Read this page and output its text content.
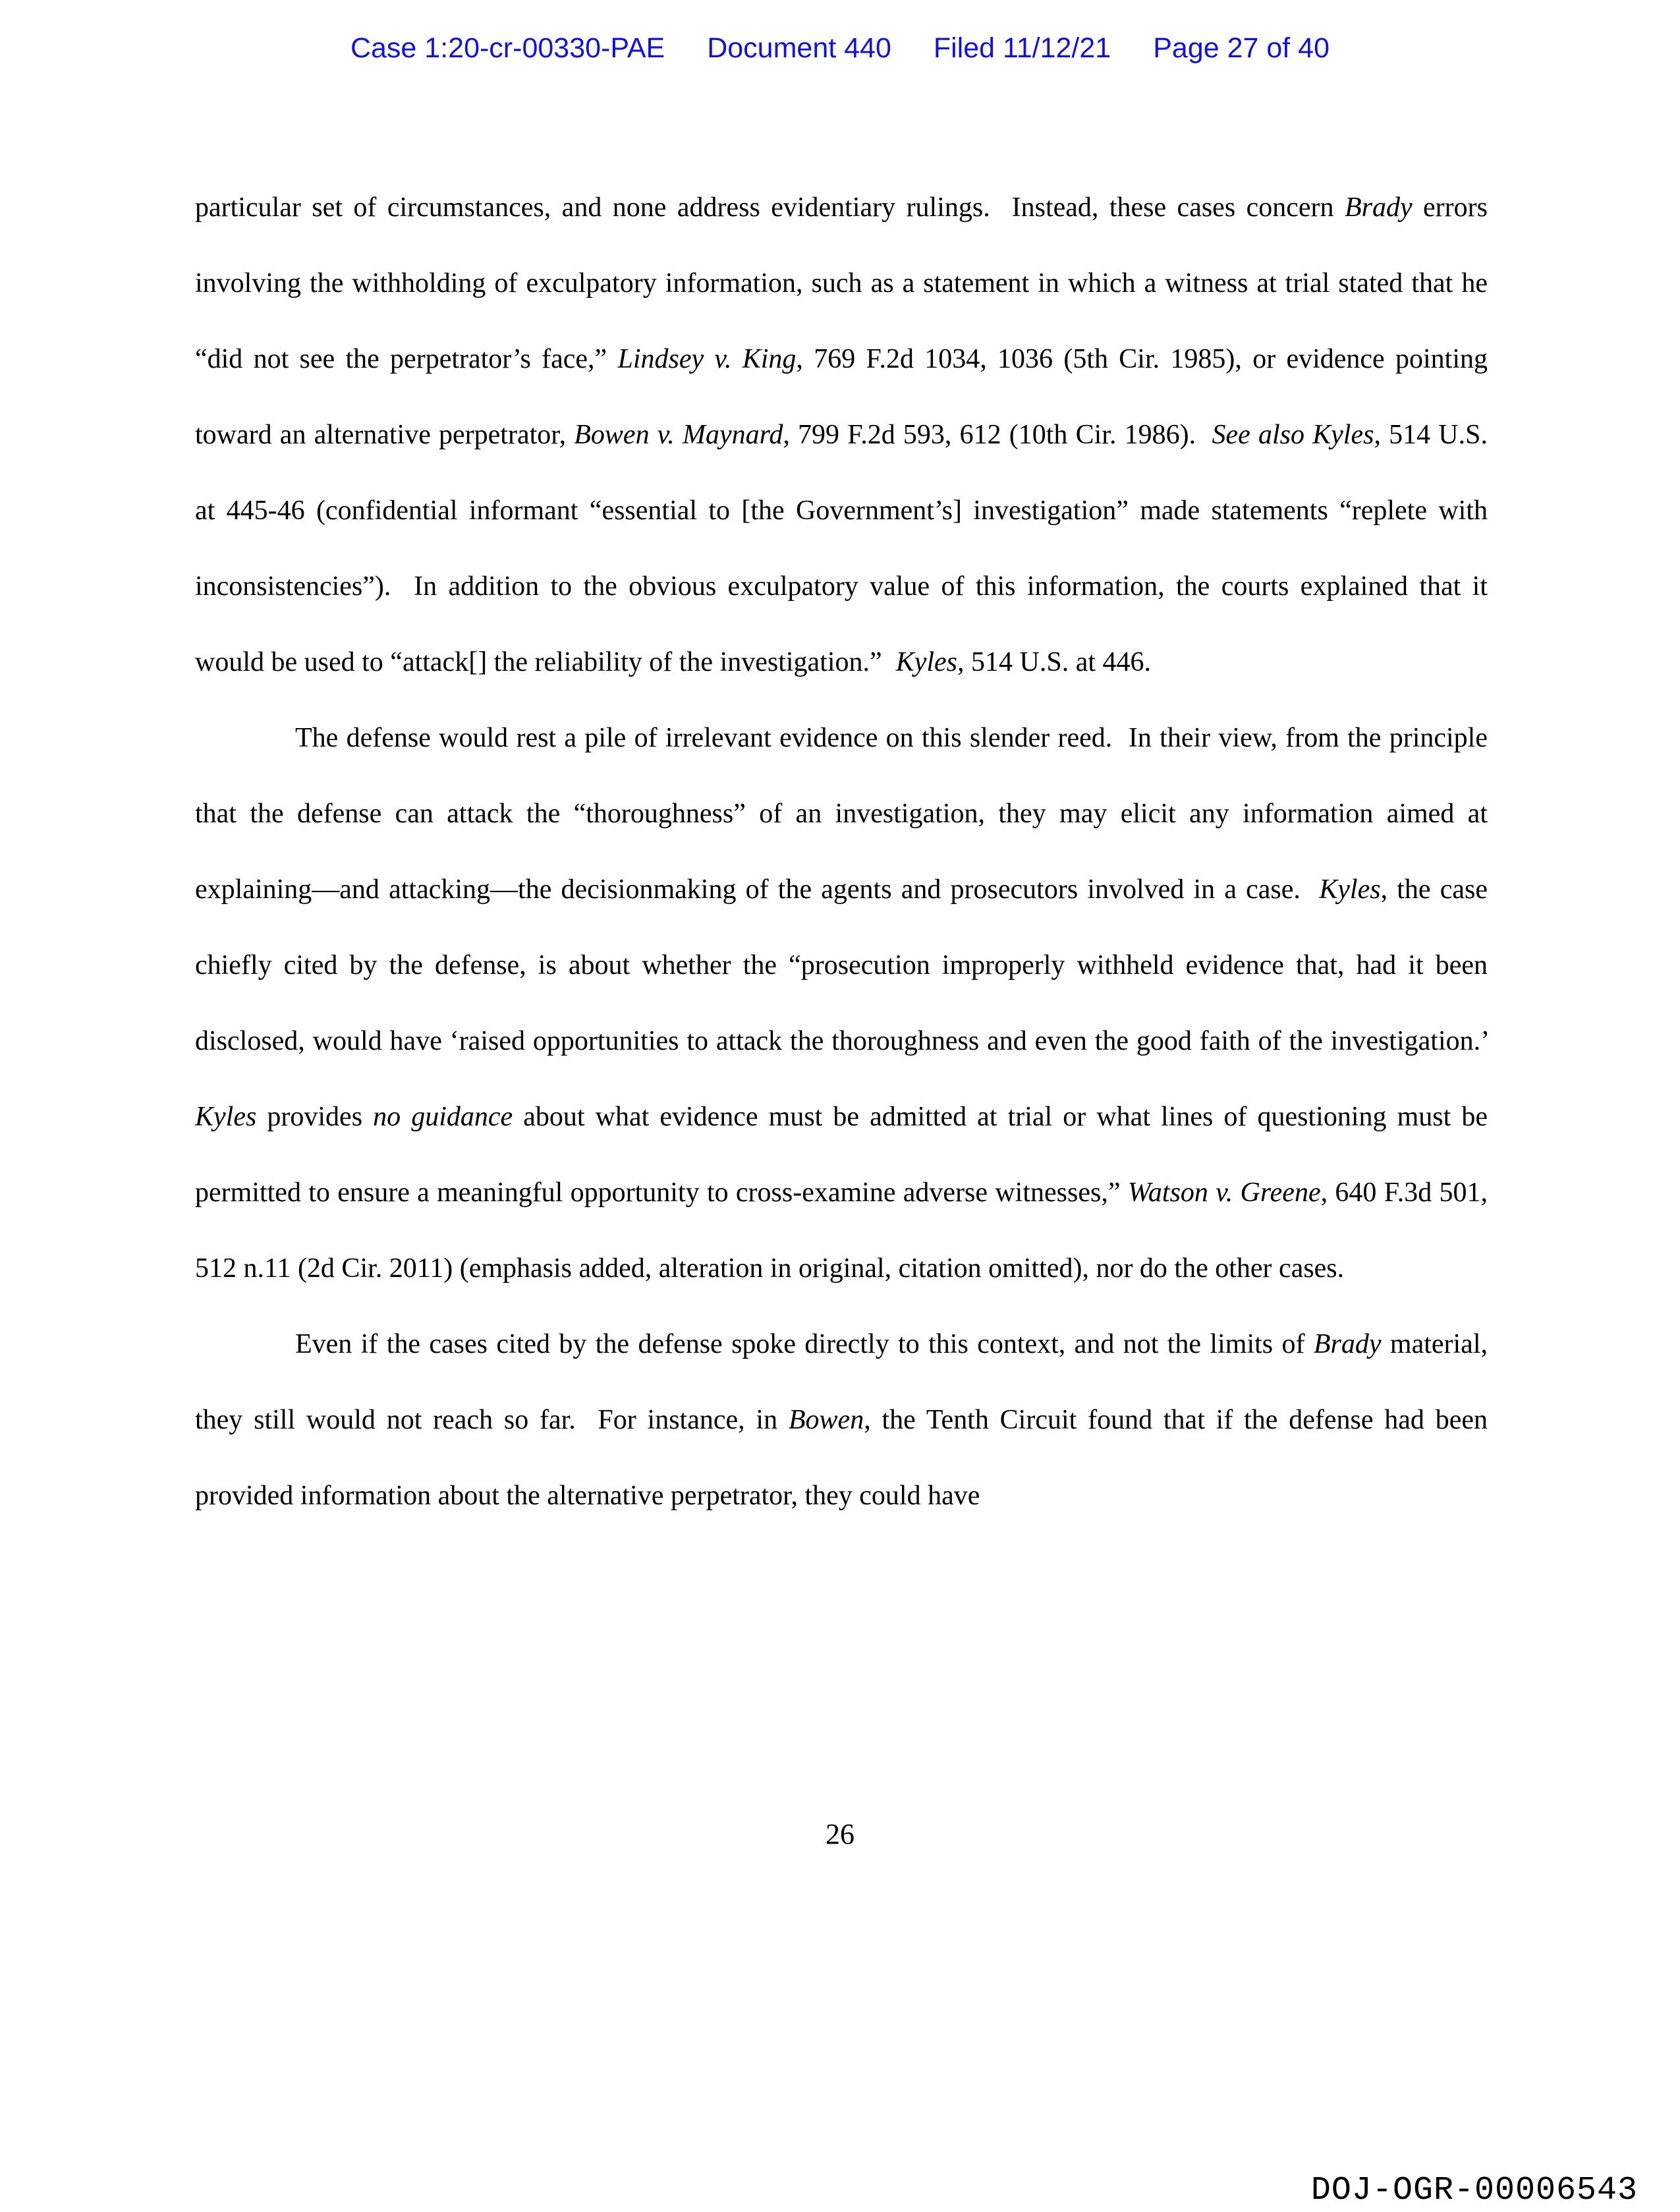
Case 1:20-cr-00330-PAE Document 440 Filed 11/12/21 Page 27 of 40

particular set of circumstances, and none address evidentiary rulings.  Instead, these cases concern Brady errors involving the withholding of exculpatory information, such as a statement in which a witness at trial stated that he “did not see the perpetrator’s face,” Lindsey v. King, 769 F.2d 1034, 1036 (5th Cir. 1985), or evidence pointing toward an alternative perpetrator, Bowen v. Maynard, 799 F.2d 593, 612 (10th Cir. 1986).  See also Kyles, 514 U.S. at 445-46 (confidential informant “essential to [the Government’s] investigation” made statements “replete with inconsistencies”).  In addition to the obvious exculpatory value of this information, the courts explained that it would be used to “attack[] the reliability of the investigation.”  Kyles, 514 U.S. at 446.

The defense would rest a pile of irrelevant evidence on this slender reed.  In their view, from the principle that the defense can attack the “thoroughness” of an investigation, they may elicit any information aimed at explaining—and attacking—the decisionmaking of the agents and prosecutors involved in a case.  Kyles, the case chiefly cited by the defense, is about whether the “prosecution improperly withheld evidence that, had it been disclosed, would have ‘raised opportunities to attack the thoroughness and even the good faith of the investigation.’  Kyles provides no guidance about what evidence must be admitted at trial or what lines of questioning must be permitted to ensure a meaningful opportunity to cross-examine adverse witnesses,” Watson v. Greene, 640 F.3d 501, 512 n.11 (2d Cir. 2011) (emphasis added, alteration in original, citation omitted), nor do the other cases.

Even if the cases cited by the defense spoke directly to this context, and not the limits of Brady material, they still would not reach so far.  For instance, in Bowen, the Tenth Circuit found that if the defense had been provided information about the alternative perpetrator, they could have

26
DOJ-OGR-00006543
